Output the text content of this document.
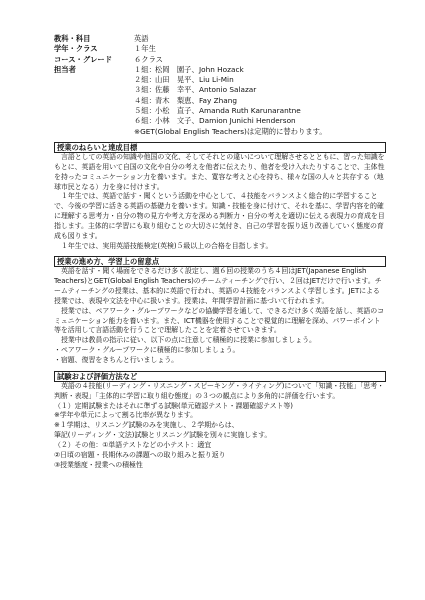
教科・科目	英語
学年・クラス	１年生
コース・グレード	６クラス
担当者	１組：松岡　園子、John Hozack
２組：山田　晃平、Liu Li-Min
３組：佐藤　幸平、Antonio Salazar
４組：青木　梨恵、Fay Zhang
５組：小松　直子、Amanda Ruth Karunarantne
６組：小林　文子、Damion Junichi Henderson
※GET(Global English Teachers)は定期的に替わります。
授業のねらいと達成目標

言語としての英語の知識や他国の文化、そしてそれとの違いについて理解させるとともに、習った知識をもとに、英語を用いて自国の文化や自分の考えを他者に伝えたり、他者を受け入れたりすることで、主体性を持ったコミュニケーション力を養います。また、寛容な考えと心を持ち、様々な国の人々と共存する（地球市民となる）力を身に付けます。

１年生では、英語で話す・聞くという活動を中心として、４技能をバランスよく総合的に学習することで、今後の学習に活きる英語の基礎力を養います。知識・技能を身に付けて、それを基に、学習内容を的確に理解する思考力・自分の物の見方や考え方を深める判断力・自分の考えを適切に伝える表現力の育成を目指します。主体的に学習にも取り組むことの大切さに気付き、自己の学習を振り返り改善していく態度の育成も図ります。

１年生では、実用英語技能検定(英検)５級以上の合格を目指します。

授業の進め方、学習上の留意点

英語を話す・聞く場面をできるだけ多く設定し、週６回の授業のうち４回はJET(Japanese English Teachers)とGET(Global English Teachers)のチームティーチングで行い、２回はJETだけで行います。チームティーチングの授業は、基本的に英語で行われ、英語の４技能をバランスよく学習します。JETによる授業では、表現や文法を中心に扱います。授業は、年間学習計画に基づいて行われます。

授業では、ペアワーク・グループワークなどの協働学習を通して、できるだけ多く英語を話し、英語のコミュニケーション能力を養います。また、ICT機器を使用することで視覚的に理解を深め、パワーポイント等を活用して言語活動を行うことで理解したことを定着させていきます。

授業中は教員の指示に従い、以下の点に注意して積極的に授業に参加しましょう。

・ペアワーク・グループワークに積極的に参加しましょう。

・宿題、復習をきちんと行いましょう。

試験および評価方法など

英語の４技能(リーディング・リスニング・スピーキング・ライティング)について「知識・技能」「思考・判断・表現」「主体的に学習に取り組む態度」の３つの観点により多角的に評価を行います。

（１）定期試験またはそれに準ずる試験(単元確認テスト・課題確認テスト等)

※学年や単元によって割る比率が異なります。

※１学期は、リスニング試験のみを実施し、２学期からは、

筆記(リーディング・文法)試験とリスニング試験を別々に実施します。

（２）その他：①単語テストなどの小テスト：適宜

②日頃の宿題・長期休みの課題への取り組みと振り返り

③授業態度・授業への積極性
